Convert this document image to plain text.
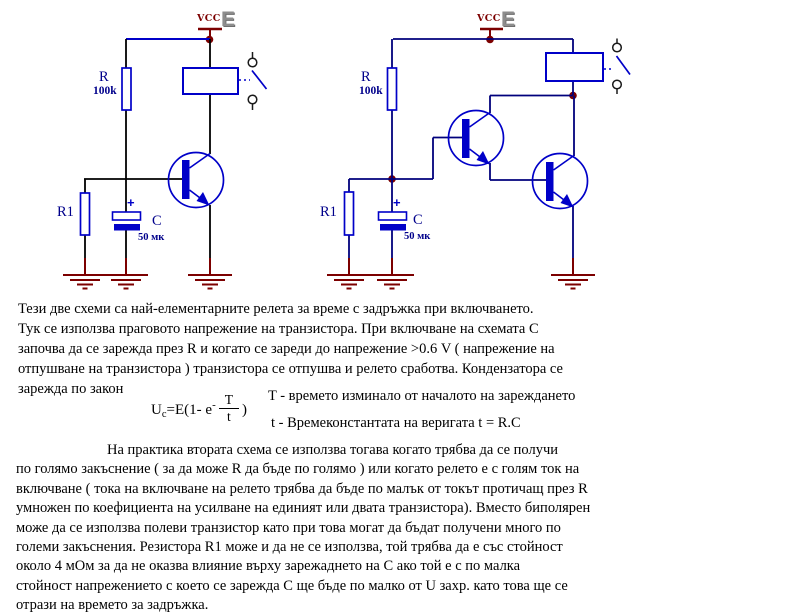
VCC E
R
100k
R1
+
C
50 мк
VCC E
R
100k
R1
+
C
50 мк
Тези две схеми са най-елементарните релета за време с задръжка при включването.
Тук се използва праговото напрежение на транзистора. При включване на схемата С
започва да се зарежда през R и когато се зареди до напрежение >0.6 V ( напрежение на
отпушване на транзистора ) транзистора се отпушва и релето сработва. Кондензатора се
зарежда по закон
U c =E(1- e - $\frac{T}{t}$ )
T - времето изминало от началото на зареждането
t - Времеконстантата на веригата t = R.C
На практика втората схема се използва тогава когато трябва да се получи
по голямо закъснение ( за да може R да бъде по голямо ) или когато релето е с голям ток на
включване ( тока на включване на релето трябва да бъде по малък от токът протичащ през R
умножен по коефициента на усилване на единият или двата транзистора). Вместо биполярен
може да се използва полеви транзистор като при това могат да бъдат получени много по
големи закъснения. Резистора R1 може и да не се използва, той трябва да е със стойност
около 4 мОм за да не оказва влияние върху зарежаднето на С ако той е с по малка
стойност напрежението с което се зарежда С ще бъде по малко от U захр. като това ще се
отрази на времето за задръжка.
